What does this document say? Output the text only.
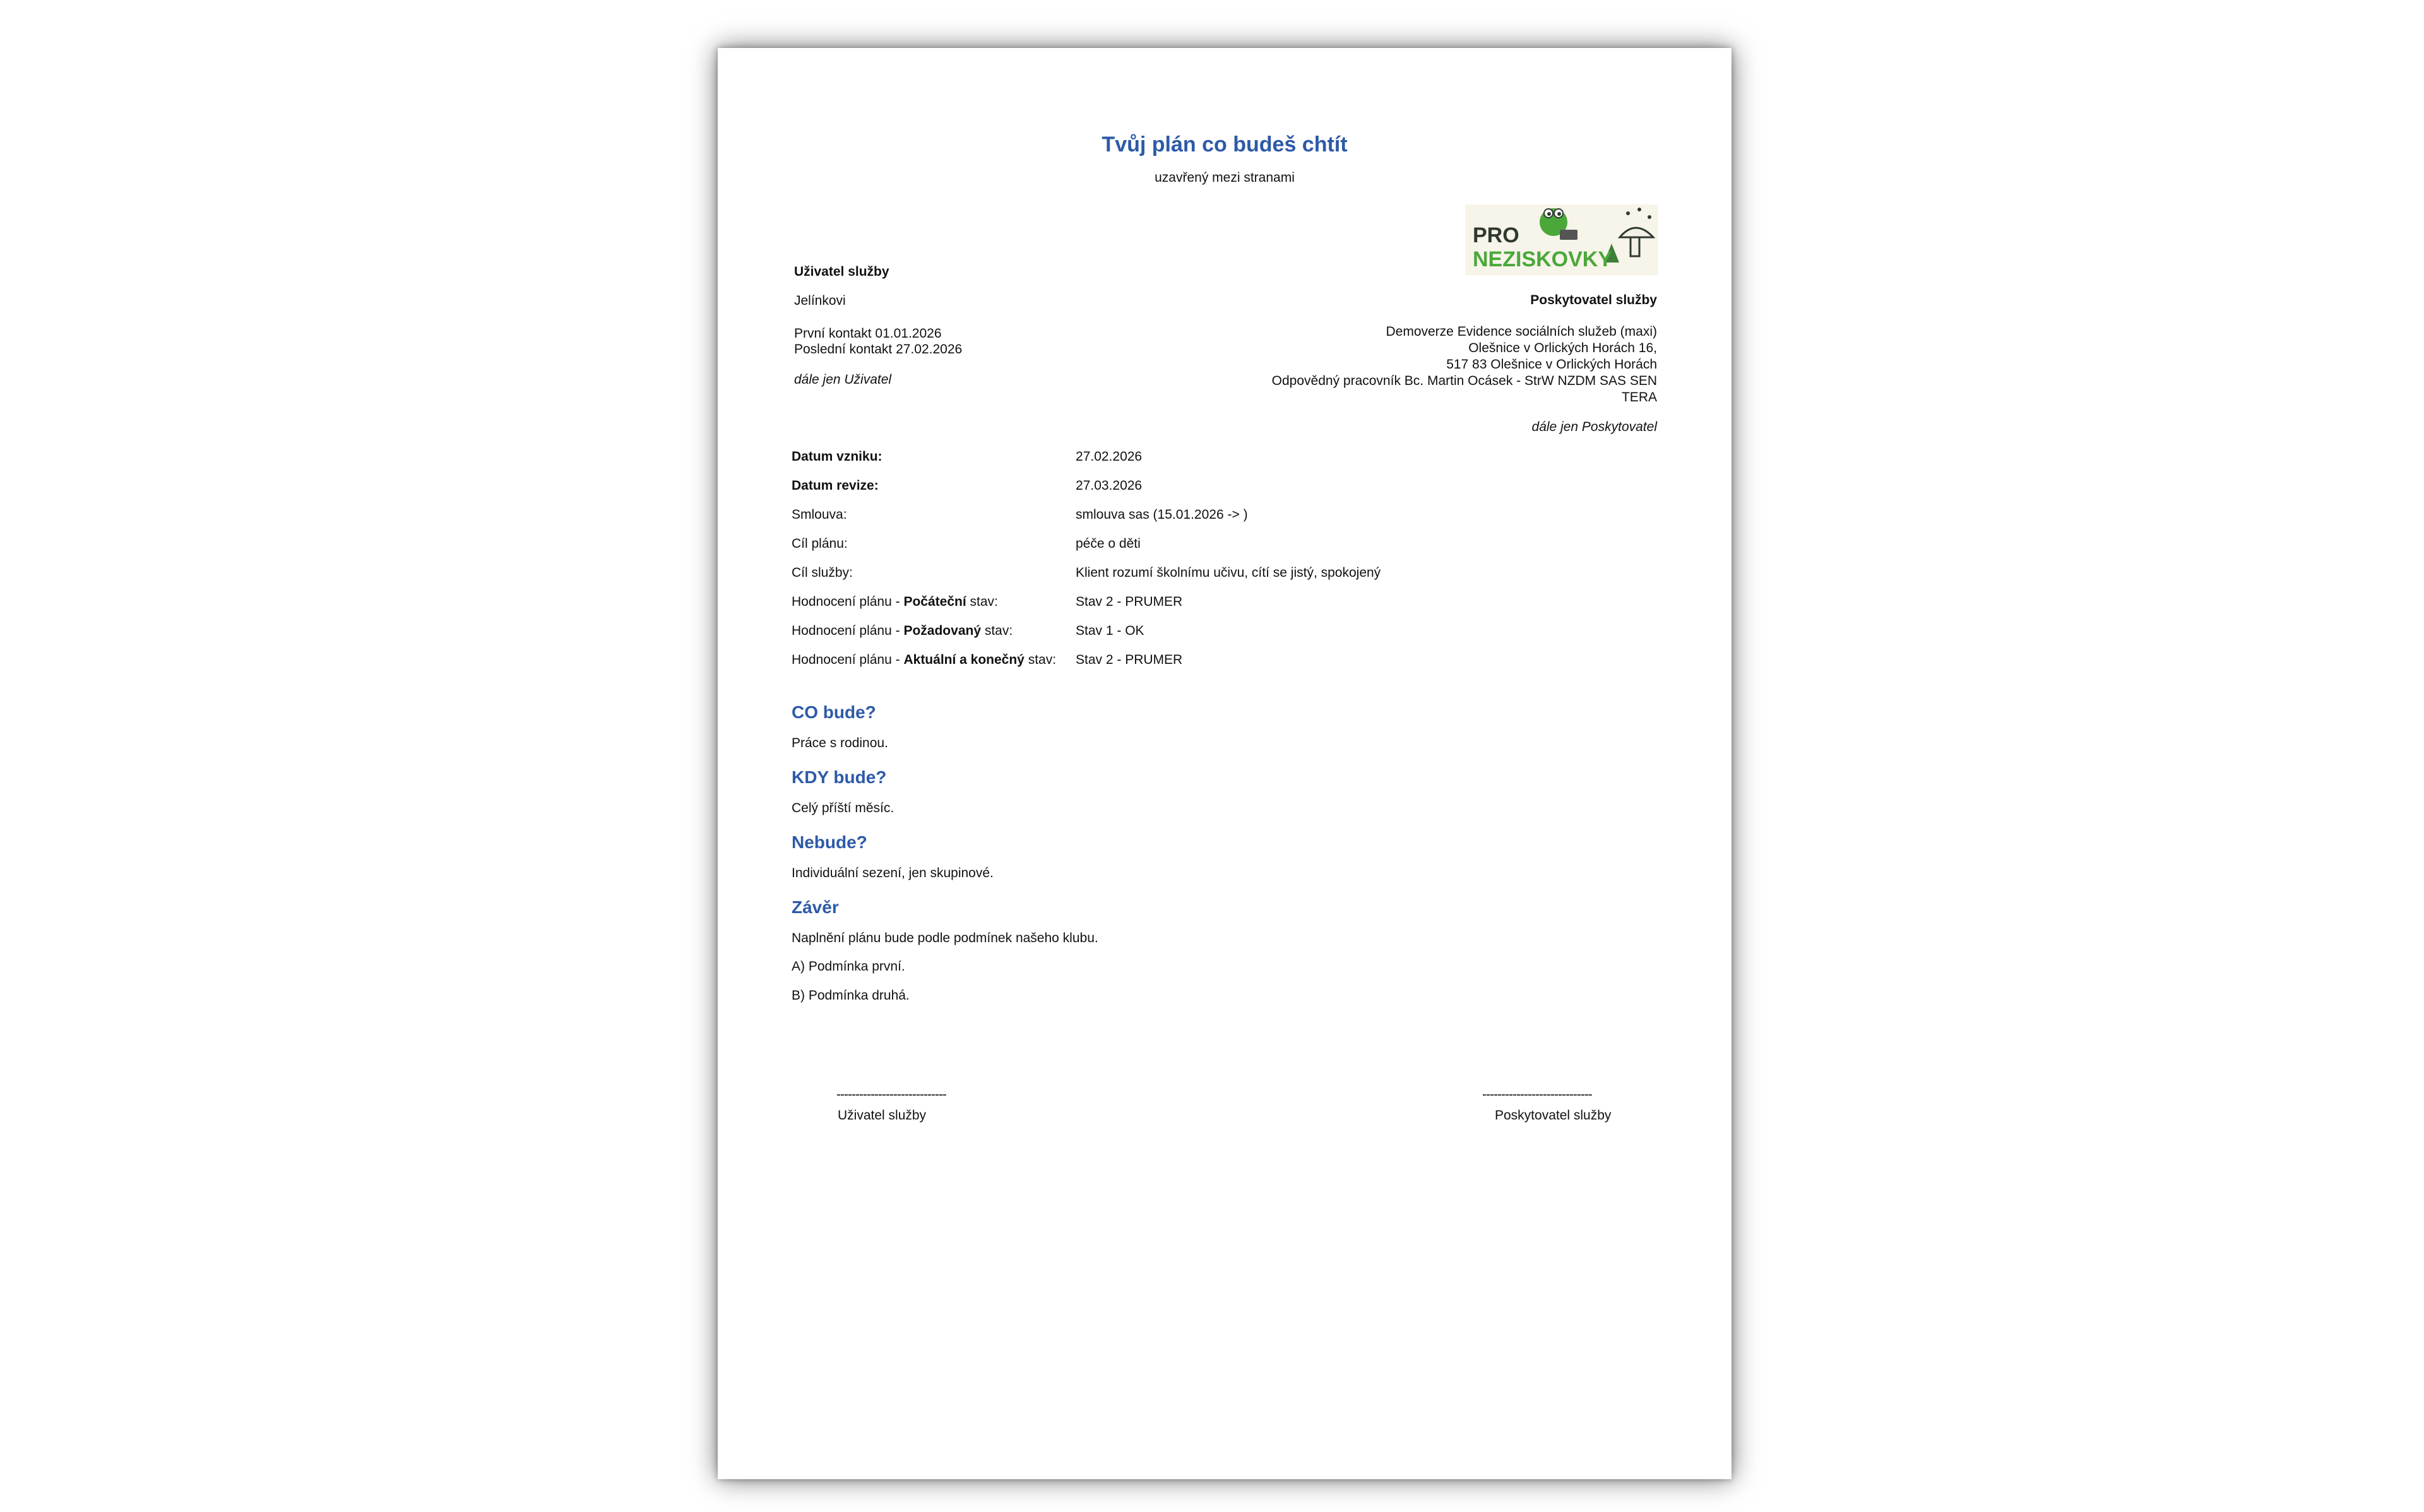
Tvůj plán co budeš chtít
uzavřený mezi stranami
PRO
NEZISKOVKY
Uživatel služby
Jelínkovi
První kontakt 01.01.2026
Poslední kontakt 27.02.2026
dále jen Uživatel
Poskytovatel služby
Demoverze Evidence sociálních služeb (maxi)
Olešnice v Orlických Horách 16,
517 83 Olešnice v Orlických Horách
Odpovědný pracovník Bc. Martin Ocásek - StrW NZDM SAS SEN
TERA
dále jen Poskytovatel
Datum vzniku:	27.02.2026
Datum revize:	27.03.2026
Smlouva:	smlouva sas (15.01.2026 -> )
Cíl plánu:	péče o děti
Cíl služby:	Klient rozumí školnímu učivu, cítí se jistý, spokojený
Hodnocení plánu - Počáteční stav:	Stav 2 - PRUMER
Hodnocení plánu - Požadovaný stav:	Stav 1 - OK
Hodnocení plánu - Aktuální a konečný stav: Stav 2 - PRUMER
CO bude?
Práce s rodinou.
KDY bude?
Celý příští měsíc.
Nebude?
Individuální sezení, jen skupinové.
Závěr
Naplnění plánu bude podle podmínek našeho klubu.
A) Podmínka první.
B) Podmínka druhá.
-----------------------------
Uživatel služby
-----------------------------
Poskytovatel služby
